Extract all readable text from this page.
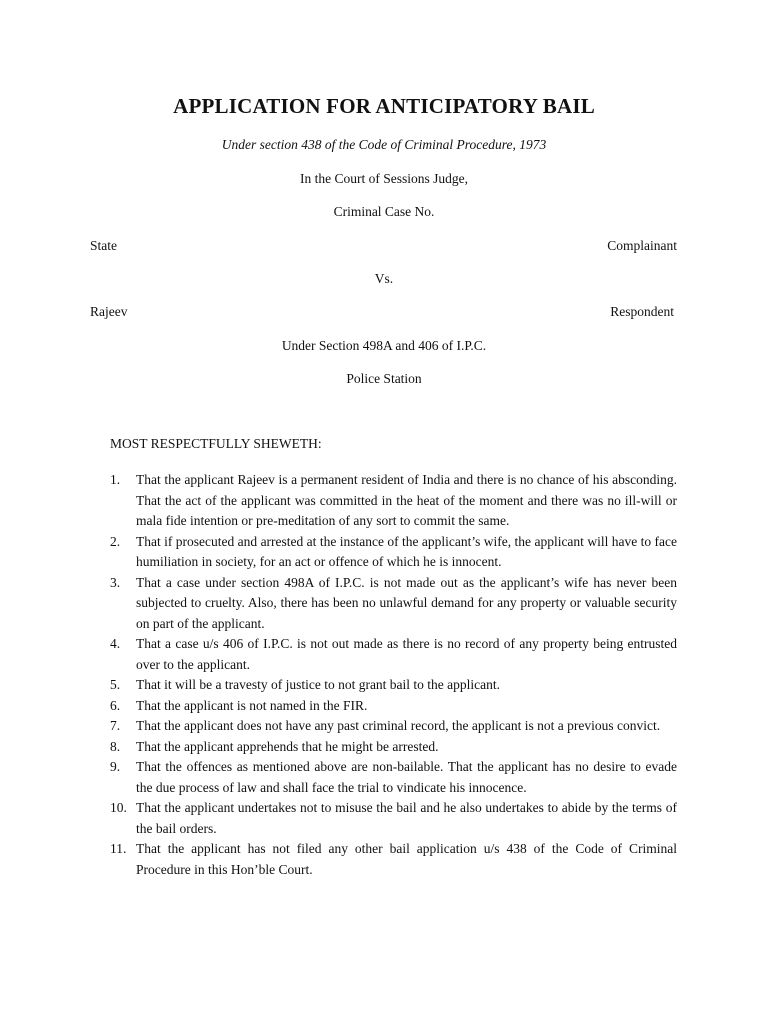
APPLICATION FOR ANTICIPATORY BAIL
Under section 438 of the Code of Criminal Procedure, 1973
In the Court of Sessions Judge,
Criminal Case No.
State	Complainant
Vs.
Rajeev	Respondent
Under Section 498A and 406 of I.P.C.
Police Station
MOST RESPECTFULLY SHEWETH:
1.	That the applicant Rajeev is a permanent resident of India and there is no chance of his absconding. That the act of the applicant was committed in the heat of the moment and there was no ill-will or mala fide intention or pre-meditation of any sort to commit the same.
2.	That if prosecuted and arrested at the instance of the applicant’s wife, the applicant will have to face humiliation in society, for an act or offence of which he is innocent.
3.	That a case under section 498A of I.P.C. is not made out as the applicant’s wife has never been subjected to cruelty. Also, there has been no unlawful demand for any property or valuable security on part of the applicant.
4.	That a case u/s 406 of I.P.C. is not out made as there is no record of any property being entrusted over to the applicant.
5.	That it will be a travesty of justice to not grant bail to the applicant.
6.	That the applicant is not named in the FIR.
7.	That the applicant does not have any past criminal record, the applicant is not a previous convict.
8.	That the applicant apprehends that he might be arrested.
9.	That the offences as mentioned above are non-bailable. That the applicant has no desire to evade the due process of law and shall face the trial to vindicate his innocence.
10. That the applicant undertakes not to misuse the bail and he also undertakes to abide by the terms of the bail orders.
11. That the applicant has not filed any other bail application u/s 438 of the Code of Criminal Procedure in this Hon’ble Court.
